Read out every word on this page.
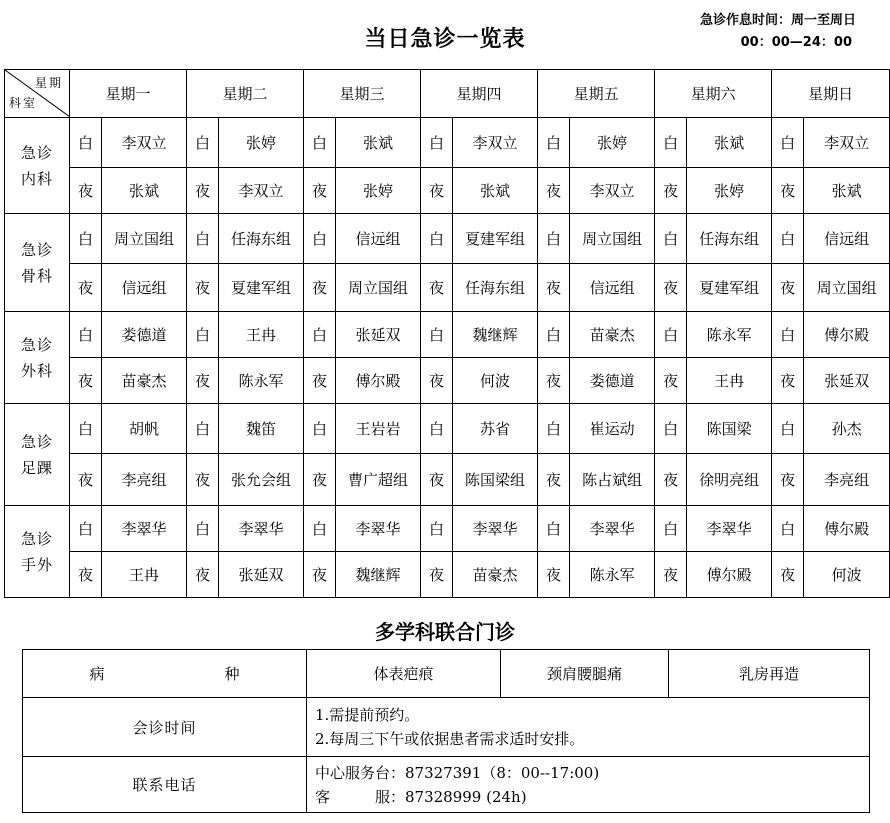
当日急诊一览表
急诊作息时间：周一至周日
00：00—24：00
星期
科室	星期一		星期二		星期三		星期四		星期五		星期六		星期日	

急诊
内科	白	李双立	白	张婷	白	张斌	白	李双立	白	张婷	白	张斌	白	李双立
	夜	张斌	夜	李双立	夜	张婷	夜	张斌	夜	李双立	夜	张婷	夜	张斌

急诊
骨科	白	周立国组	白	任海东组	白	信远组	白	夏建军组	白	周立国组	白	任海东组	白	信远组
	夜	信远组	夜	夏建军组	夜	周立国组	夜	任海东组	夜	信远组	夜	夏建军组	夜	周立国组

急诊
外科	白	娄德道	白	王冉	白	张延双	白	魏继辉	白	苗豪杰	白	陈永军	白	傅尔殿
	夜	苗豪杰	夜	陈永军	夜	傅尔殿	夜	何波	夜	娄德道	夜	王冉	夜	张延双

急诊
足踝	白	胡帆	白	魏笛	白	王岩岩	白	苏省	白	崔运动	白	陈国梁	白	孙杰
	夜	李亮组	夜	张允会组	夜	曹广超组	夜	陈国梁组	夜	陈占斌组	夜	徐明亮组	夜	李亮组

急诊
手外	白	李翠华	白	李翠华	白	李翠华	白	李翠华	白	李翠华	白	李翠华	白	傅尔殿
	夜	王冉	夜	张延双	夜	魏继辉	夜	苗豪杰	夜	陈永军	夜	傅尔殿	夜	何波
多学科联合门诊
病　　种	体表疤痕	颈肩腰腿痛	乳房再造
会诊时间	1.需提前预约。
2.每周三下午或依据患者需求适时安排。		

联系电话	中心服务台：87327391（8：00--17:00)
客　　　服：87328999 (24h)		
